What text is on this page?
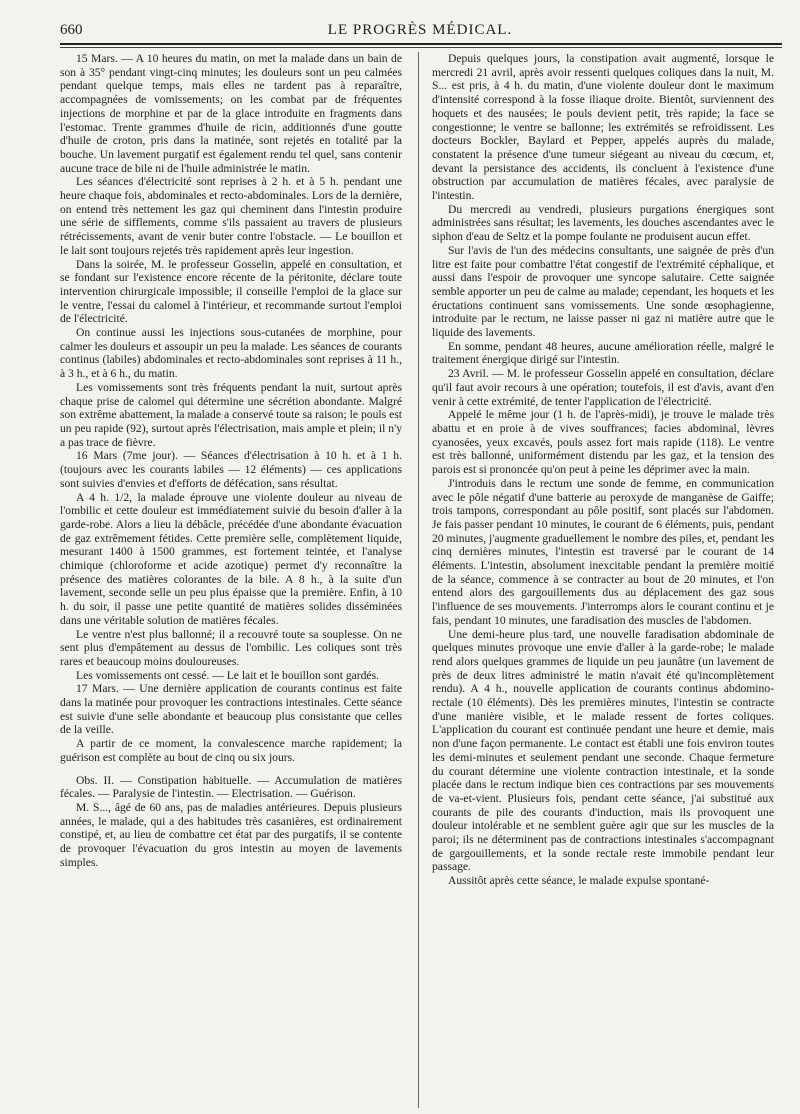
660	LE PROGRÈS MÉDICAL.

15 Mars. — A 10 heures du matin, on met la malade dans un bain de son à 35° pendant vingt-cinq minutes; les douleurs sont un peu calmées pendant quelque temps, mais elles ne tardent pas à reparaître, accompagnées de vomissements; on les combat par de fréquentes injections de morphine et par de la glace introduite en fragments dans l'estomac. Trente grammes d'huile de ricin, additionnés d'une goutte d'huile de croton, pris dans la matinée, sont rejetés en totalité par la bouche. Un lavement purgatif est également rendu tel quel, sans contenir aucune trace de bile ni de l'huile administrée le matin.

Les séances d'électricité sont reprises à 2 h. et à 5 h. pendant une heure chaque fois, abdominales et recto-abdominales. Lors de la dernière, on entend très nettement les gaz qui cheminent dans l'intestin produire une série de sifflements, comme s'ils passaient au travers de plusieurs rétrécissements, avant de venir buter contre l'obstacle. — Le bouillon et le lait sont toujours rejetés très rapidement après leur ingestion.

Dans la soirée, M. le professeur Gosselin, appelé en consultation, et se fondant sur l'existence encore récente de la péritonite, déclare toute intervention chirurgicale impossible; il conseille l'emploi de la glace sur le ventre, l'essai du calomel à l'intérieur, et recommande surtout l'emploi de l'électricité.

On continue aussi les injections sous-cutanées de morphine, pour calmer les douleurs et assoupir un peu la malade. Les séances de courants continus (labiles) abdominales et recto-abdominales sont reprises à 11 h., à 3 h., et à 6 h., du matin.

Les vomissements sont très fréquents pendant la nuit, surtout après chaque prise de calomel qui détermine une sécrétion abondante. Malgré son extrême abattement, la malade a conservé toute sa raison; le pouls est un peu rapide (92), surtout après l'électrisation, mais ample et plein; il n'y a pas trace de fièvre.

16 Mars (7me jour). — Séances d'électrisation à 10 h. et à 1 h. (toujours avec les courants labiles — 12 éléments) — ces applications sont suivies d'envies et d'efforts de défécation, sans résultat.

A 4 h. 1/2, la malade éprouve une violente douleur au niveau de l'ombilic et cette douleur est immédiatement suivie du besoin d'aller à la garde-robe. Alors a lieu la débâcle, précédée d'une abondante évacuation de gaz extrêmement fétides. Cette première selle, complètement liquide, mesurant 1400 à 1500 grammes, est fortement teintée, et l'analyse chimique (chloroforme et acide azotique) permet d'y reconnaître la présence des matières colorantes de la bile. A 8 h., à la suite d'un lavement, seconde selle un peu plus épaisse que la première. Enfin, à 10 h. du soir, il passe une petite quantité de matières solides disséminées dans une véritable solution de matières fécales.

Le ventre n'est plus ballonné; il a recouvré toute sa souplesse. On ne sent plus d'empâtement au dessus de l'ombilic. Les coliques sont très rares et beaucoup moins douloureuses.

Les vomissements ont cessé. — Le lait et le bouillon sont gardés.

17 Mars. — Une dernière application de courants continus est faite dans la matinée pour provoquer les contractions intestinales. Cette séance est suivie d'une selle abondante et beaucoup plus consistante que celles de la veille.

A partir de ce moment, la convalescence marche rapidement; la guérison est complète au bout de cinq ou six jours.

Obs. II. — Constipation habituelle. — Accumulation de matières fécales. — Paralysie de l'intestin. — Electrisation. — Guérison.

M. S..., âgé de 60 ans, pas de maladies antérieures. Depuis plusieurs années, le malade, qui a des habitudes très casanières, est ordinairement constipé, et, au lieu de combattre cet état par des purgatifs, il se contente de provoquer l'évacuation du gros intestin au moyen de lavements simples.

Depuis quelques jours, la constipation avait augmenté, lorsque le mercredi 21 avril, après avoir ressenti quelques coliques dans la nuit, M. S... est pris, à 4 h. du matin, d'une violente douleur dont le maximum d'intensité correspond à la fosse iliaque droite. Bientôt, surviennent des hoquets et des nausées; le pouls devient petit, très rapide; la face se congestionne; le ventre se ballonne; les extrémités se refroidissent. Les docteurs Bockler, Baylard et Pepper, appelés auprès du malade, constatent la présence d'une tumeur siégeant au niveau du cœcum, et, devant la persistance des accidents, ils concluent à l'existence d'une obstruction par accumulation de matières fécales, avec paralysie de l'intestin.

Du mercredi au vendredi, plusieurs purgations énergiques sont administrées sans résultat; les lavements, les douches ascendantes avec le siphon d'eau de Seltz et la pompe foulante ne produisent aucun effet.

Sur l'avis de l'un des médecins consultants, une saignée de près d'un litre est faite pour combattre l'état congestif de l'extrémité céphalique, et aussi dans l'espoir de provoquer une syncope salutaire. Cette saignée semble apporter un peu de calme au malade; cependant, les hoquets et les éructations continuent sans vomissements. Une sonde œsophagienne, introduite par le rectum, ne laisse passer ni gaz ni matière autre que le liquide des lavements.

En somme, pendant 48 heures, aucune amélioration réelle, malgré le traitement énergique dirigé sur l'intestin.

23 Avril. — M. le professeur Gosselin appelé en consultation, déclare qu'il faut avoir recours à une opération; toutefois, il est d'avis, avant d'en venir à cette extrémité, de tenter l'application de l'électricité.

Appelé le même jour (1 h. de l'après-midi), je trouve le malade très abattu et en proie à de vives souffrances; facies abdominal, lèvres cyanosées, yeux excavés, pouls assez fort mais rapide (118). Le ventre est très ballonné, uniformément distendu par les gaz, et la tension des parois est si prononcée qu'on peut à peine les déprimer avec la main.

J'introduis dans le rectum une sonde de femme, en communication avec le pôle négatif d'une batterie au peroxyde de manganèse de Gaiffe; trois tampons, correspondant au pôle positif, sont placés sur l'abdomen. Je fais passer pendant 10 minutes, le courant de 6 éléments, puis, pendant 20 minutes, j'augmente graduellement le nombre des piles, et, pendant les cinq dernières minutes, l'intestin est traversé par le courant de 14 éléments. L'intestin, absolument inexcitable pendant la première moitié de la séance, commence à se contracter au bout de 20 minutes, et l'on entend alors des gargouillements dus au déplacement des gaz sous l'influence de ses mouvements. J'interromps alors le courant continu et je fais, pendant 10 minutes, une faradisation des muscles de l'abdomen.

Une demi-heure plus tard, une nouvelle faradisation abdominale de quelques minutes provoque une envie d'aller à la garde-robe; le malade rend alors quelques grammes de liquide un peu jaunâtre (un lavement de près de deux litres administré le matin n'avait été qu'incomplètement rendu). A 4 h., nouvelle application de courants continus abdomino-rectale (10 éléments). Dès les premières minutes, l'intestin se contracte d'une manière visible, et le malade ressent de fortes coliques. L'application du courant est continuée pendant une heure et demie, mais non d'une façon permanente. Le contact est établi une fois environ toutes les demi-minutes et seulement pendant une seconde. Chaque fermeture du courant détermine une violente contraction intestinale, et la sonde placée dans le rectum indique bien ces contractions par ses mouvements de va-et-vient. Plusieurs fois, pendant cette séance, j'ai substitué aux courants de pile des courants d'induction, mais ils provoquent une douleur intolérable et ne semblent guère agir que sur les muscles de la paroi; ils ne déterminent pas de contractions intestinales s'accompagnant de gargouillements, et la sonde rectale reste immobile pendant leur passage.

Aussitôt après cette séance, le malade expulse spontané-
